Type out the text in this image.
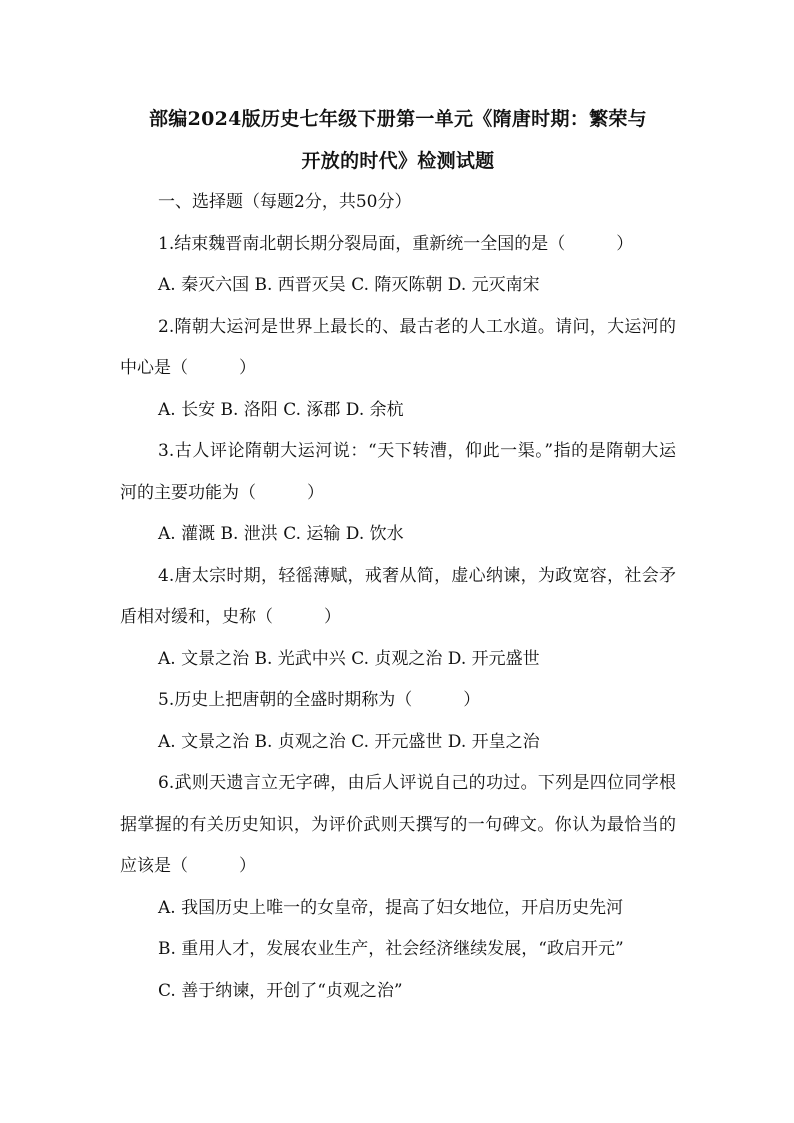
部编2024版历史七年级下册第一单元《隋唐时期：繁荣与

开放的时代》检测试题

一、选择题（每题2分，共50分）

1.结束魏晋南北朝长期分裂局面，重新统一全国的是（　　　）

A. 秦灭六国 B. 西晋灭吴 C. 隋灭陈朝 D. 元灭南宋

2.隋朝大运河是世界上最长的、最古老的人工水道。请问，大运河的中心是（　　　）

A. 长安 B. 洛阳 C. 涿郡 D. 余杭

3.古人评论隋朝大运河说：“天下转漕，仰此一渠。”指的是隋朝大运河的主要功能为（　　　）

A. 灌溉 B. 泄洪 C. 运输 D. 饮水

4.唐太宗时期，轻徭薄赋，戒奢从简，虚心纳谏，为政宽容，社会矛盾相对缓和，史称（　　　）

A. 文景之治 B. 光武中兴 C. 贞观之治 D. 开元盛世

5.历史上把唐朝的全盛时期称为（　　　）

A. 文景之治 B. 贞观之治 C. 开元盛世 D. 开皇之治

6.武则天遗言立无字碑，由后人评说自己的功过。下列是四位同学根据掌握的有关历史知识，为评价武则天撰写的一句碑文。你认为最恰当的应该是（　　　）

A. 我国历史上唯一的女皇帝，提高了妇女地位，开启历史先河

B. 重用人才，发展农业生产，社会经济继续发展，“政启开元”

C. 善于纳谏，开创了“贞观之治”
